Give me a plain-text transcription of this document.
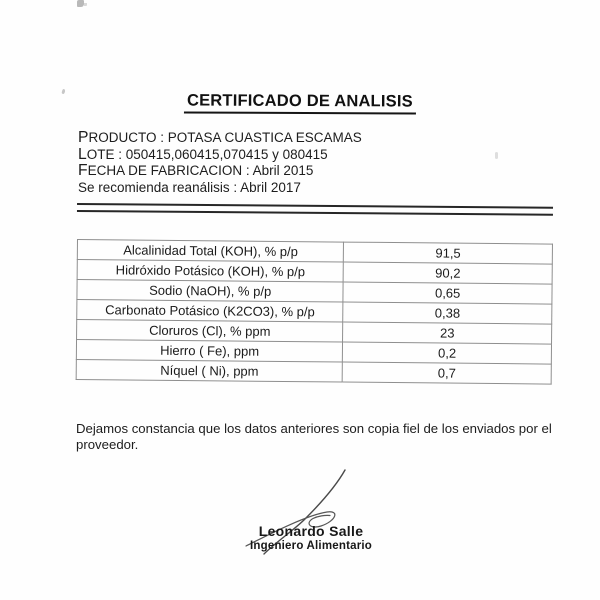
CERTIFICADO DE ANALISIS
PRODUCTO : POTASA CUASTICA ESCAMAS
LOTE : 050415,060415,070415 y 080415
FECHA DE FABRICACION : Abril 2015
Se recomienda reanálisis : Abril 2017
Alcalinidad Total (KOH), % p/p	91,5
Hidróxido Potásico (KOH), % p/p	90,2
Sodio (NaOH), % p/p	0,65
Carbonato Potásico (K2CO3), % p/p	0,38
Cloruros (Cl), % ppm	23
Hierro ( Fe), ppm	0,2
Níquel ( Ni), ppm	0,7
Dejamos constancia que los datos anteriores son copia fiel de los enviados por el proveedor.
Leonardo Salle
Ingeniero Alimentario
